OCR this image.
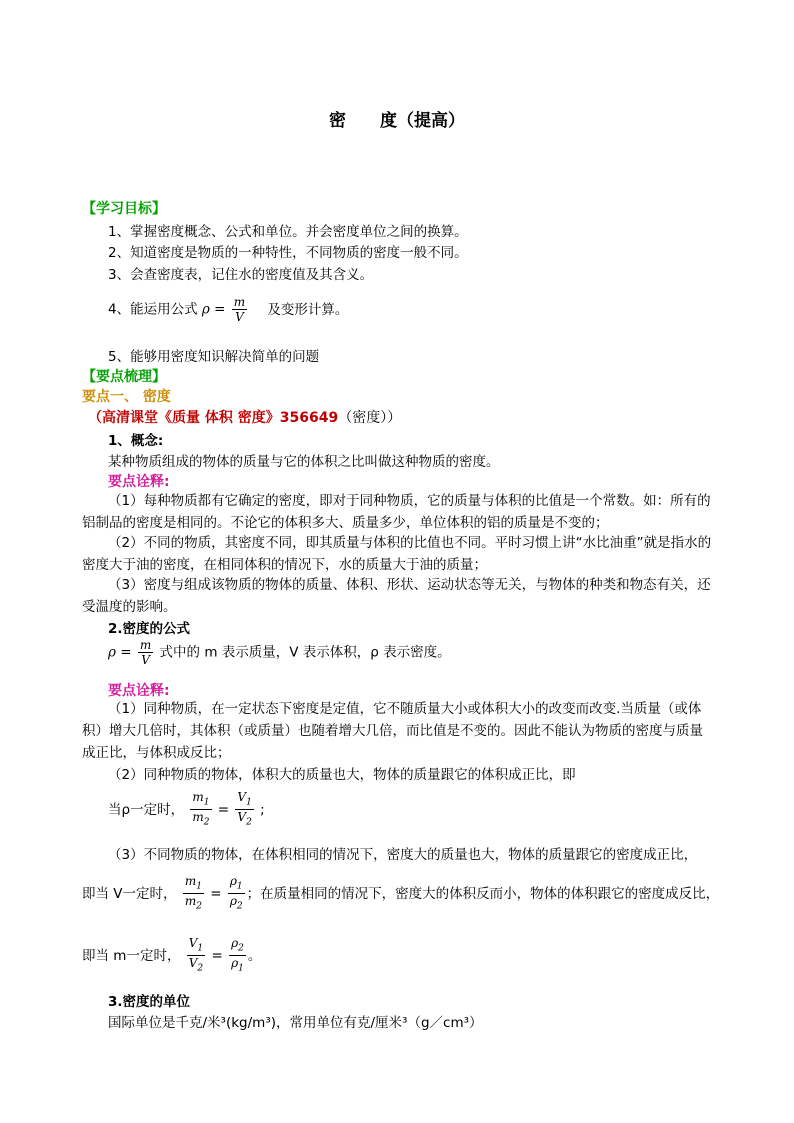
密 度（提高）
【学习目标】
1、掌握密度概念、公式和单位。并会密度单位之间的换算。
2、知道密度是物质的一种特性，不同物质的密度一般不同。
3、会查密度表，记住水的密度值及其含义。
4、能运用公式 $\rho = \frac{m}{V}$ 及变形计算。
5、能够用密度知识解决简单的问题
【要点梳理】
要点一、 密度
（高清课堂《质量 体积 密度》356649（密度））
1、概念:
某种物质组成的物体的质量与它的体积之比叫做这种物质的密度。
要点诠释:
（1）每种物质都有它确定的密度，即对于同种物质，它的质量与体积的比值是一个常数。如：所有的铝制品的密度是相同的。不论它的体积多大、质量多少，单位体积的铝的质量是不变的；
（2）不同的物质，其密度不同，即其质量与体积的比值也不同。平时习惯上讲“水比油重”就是指水的密度大于油的密度，在相同体积的情况下，水的质量大于油的质量；
（3）密度与组成该物质的物体的质量、体积、形状、运动状态等无关，与物体的种类和物态有关，还受温度的影响。
2.密度的公式
$\rho = \frac{m}{V}$ 式中的 m 表示质量，V 表示体积，ρ 表示密度。
要点诠释:
（1）同种物质，在一定状态下密度是定值，它不随质量大小或体积大小的改变而改变.当质量（或体积）增大几倍时，其体积（或质量）也随着增大几倍，而比值是不变的。因此不能认为物质的密度与质量成正比，与体积成反比；
（2）同种物质的物体，体积大的质量也大，物体的质量跟它的体积成正比，即
当ρ一定时， $\frac{m_1}{m_2} = \frac{V_1}{V_2}$ ;
（3）不同物质的物体，在体积相同的情况下，密度大的质量也大，物体的质量跟它的密度成正比，
即当 V一定时， $\frac{m_1}{m_2} = \frac{\rho_1}{\rho_2}$ ；在质量相同的情况下，密度大的体积反而小，物体的体积跟它的密度成反比，
即当 m一定时， $\frac{V_1}{V_2} = \frac{\rho_2}{\rho_1}$ 。
3.密度的单位
国际单位是千克/米³(kg/m³)，常用单位有克/厘米³（g／cm³）
